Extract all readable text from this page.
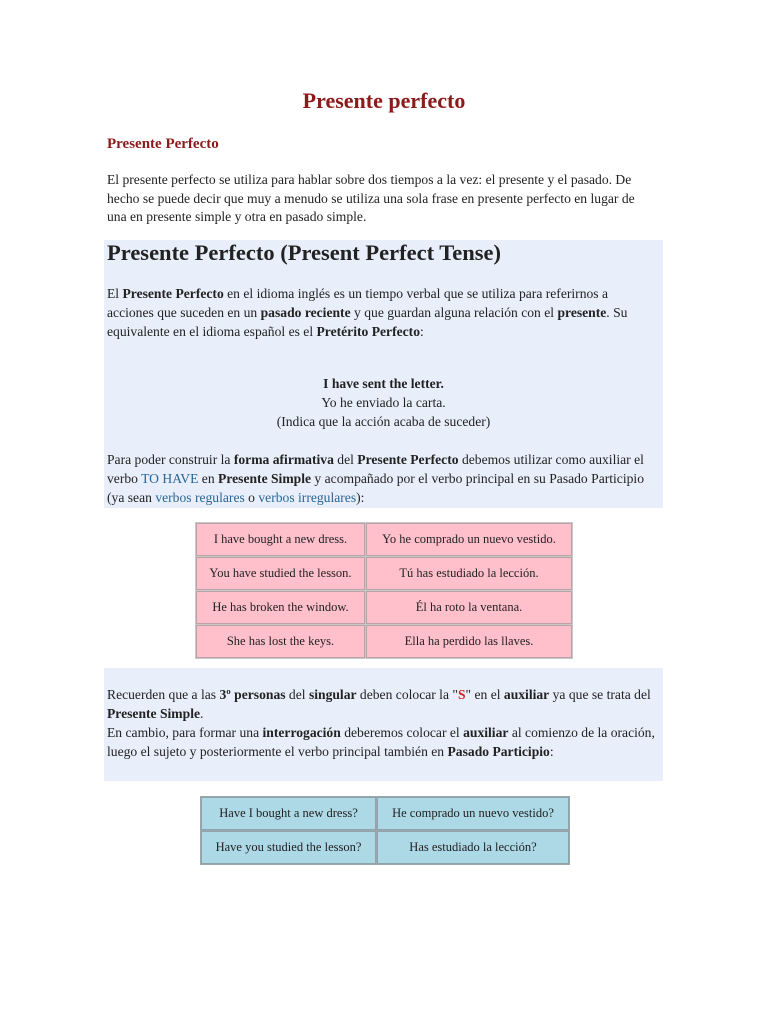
Presente perfecto
Presente Perfecto
El presente perfecto se utiliza para hablar sobre dos tiempos a la vez: el presente y el pasado. De hecho se puede decir que muy a menudo se utiliza una sola frase en presente perfecto en lugar de una en presente simple y otra en pasado simple.
Presente Perfecto (Present Perfect Tense)
El Presente Perfecto en el idioma inglés es un tiempo verbal que se utiliza para referirnos a acciones que suceden en un pasado reciente y que guardan alguna relación con el presente. Su equivalente en el idioma español es el Pretérito Perfecto:
I have sent the letter.
Yo he enviado la carta.
(Indica que la acción acaba de suceder)
Para poder construir la forma afirmativa del Presente Perfecto debemos utilizar como auxiliar el verbo TO HAVE en Presente Simple y acompañado por el verbo principal en su Pasado Participio (ya sean verbos regulares o verbos irregulares):
I have bought a new dress.	Yo he comprado un nuevo vestido.
You have studied the lesson.	Tú has estudiado la lección.
He has broken the window.	Él ha roto la ventana.
She has lost the keys.	Ella ha perdido las llaves.
Recuerden que a las 3º personas del singular deben colocar la "S" en el auxiliar ya que se trata del Presente Simple.
En cambio, para formar una interrogación deberemos colocar el auxiliar al comienzo de la oración, luego el sujeto y posteriormente el verbo principal también en Pasado Participio:
Have I bought a new dress?	He comprado un nuevo vestido?
Have you studied the lesson?	Has estudiado la lección?
